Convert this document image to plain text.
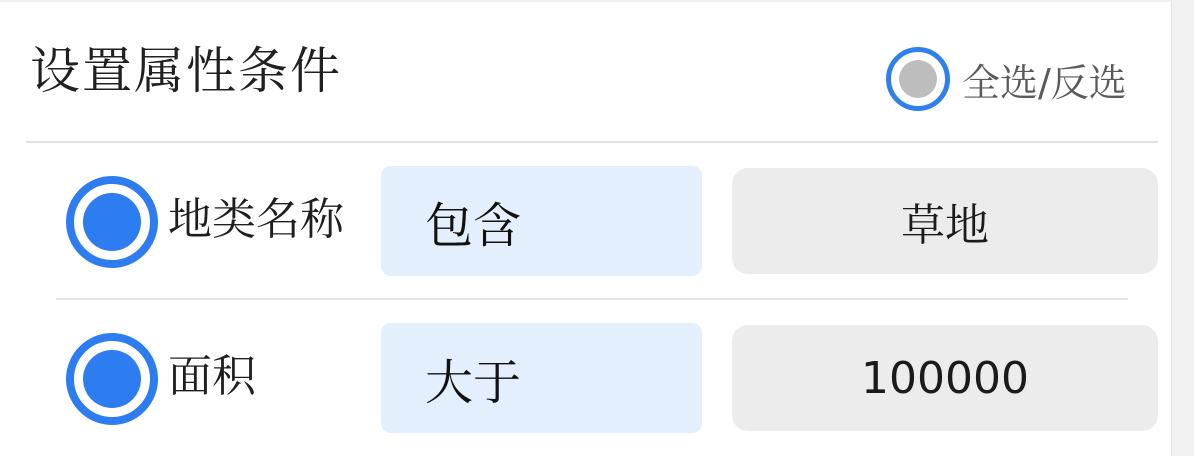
设置属性条件	全选/反选
地类名称	包含	草地
面积	大于	100000
